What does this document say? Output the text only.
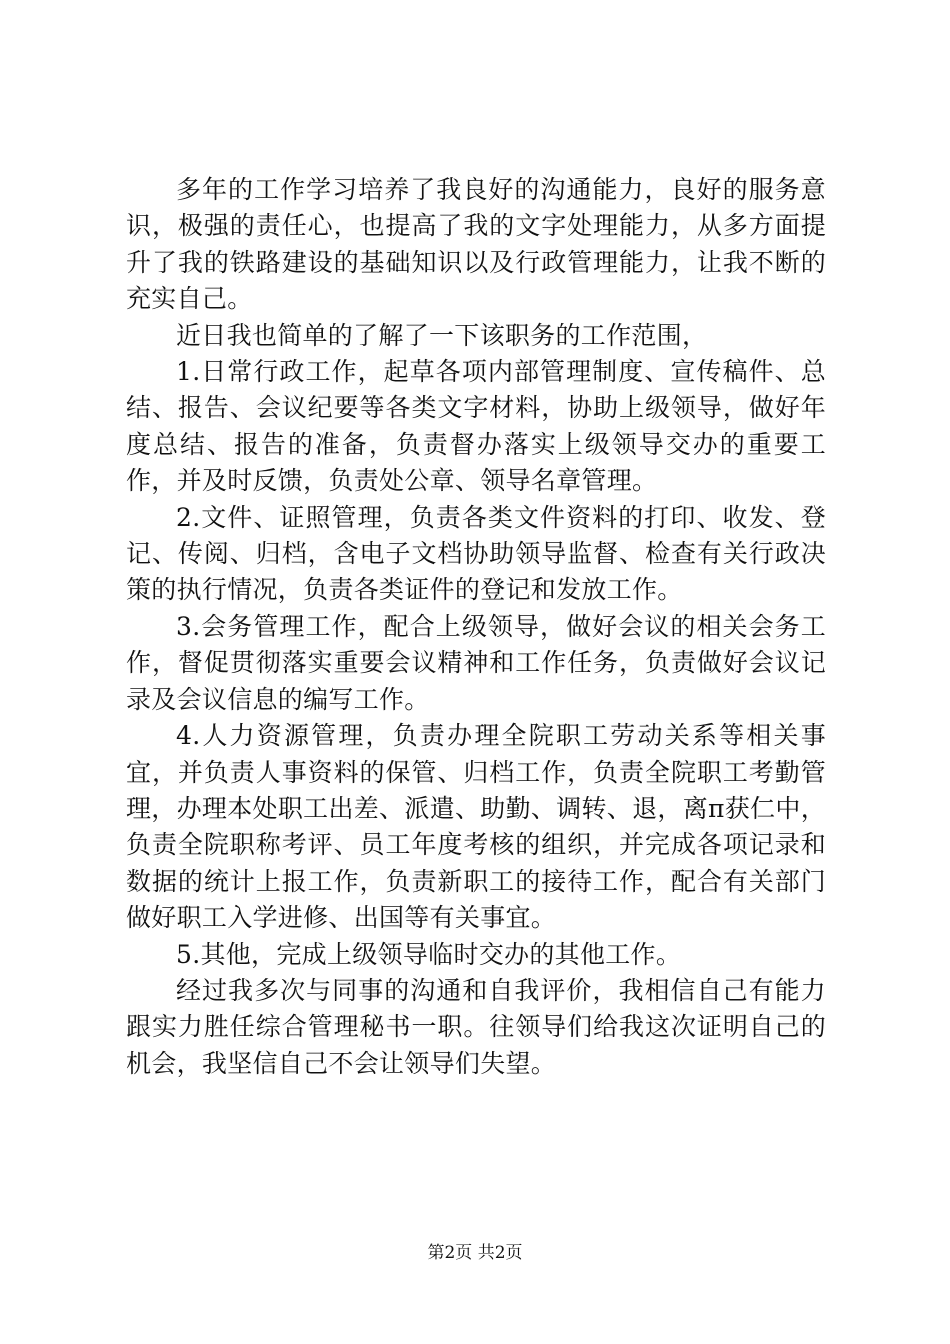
多年的工作学习培养了我良好的沟通能力，良好的服务意识，极强的责任心，也提高了我的文字处理能力，从多方面提升了我的铁路建设的基础知识以及行政管理能力，让我不断的充实自己。

近日我也简单的了解了一下该职务的工作范围，

1.日常行政工作，起草各项内部管理制度、宣传稿件、总结、报告、会议纪要等各类文字材料，协助上级领导，做好年度总结、报告的准备，负责督办落实上级领导交办的重要工作，并及时反馈，负责处公章、领导名章管理。

2.文件、证照管理，负责各类文件资料的打印、收发、登记、传阅、归档，含电子文档协助领导监督、检查有关行政决策的执行情况，负责各类证件的登记和发放工作。

3.会务管理工作，配合上级领导，做好会议的相关会务工作，督促贯彻落实重要会议精神和工作任务，负责做好会议记录及会议信息的编写工作。

4.人力资源管理，负责办理全院职工劳动关系等相关事宜，并负责人事资料的保管、归档工作，负责全院职工考勤管理，办理本处职工出差、派遣、助勤、调转、退，离π获仁中，负责全院职称考评、员工年度考核的组织，并完成各项记录和数据的统计上报工作，负责新职工的接待工作，配合有关部门做好职工入学进修、出国等有关事宜。

5.其他，完成上级领导临时交办的其他工作。

经过我多次与同事的沟通和自我评价，我相信自己有能力跟实力胜任综合管理秘书一职。往领导们给我这次证明自己的机会，我坚信自己不会让领导们失望。

第2页 共2页
